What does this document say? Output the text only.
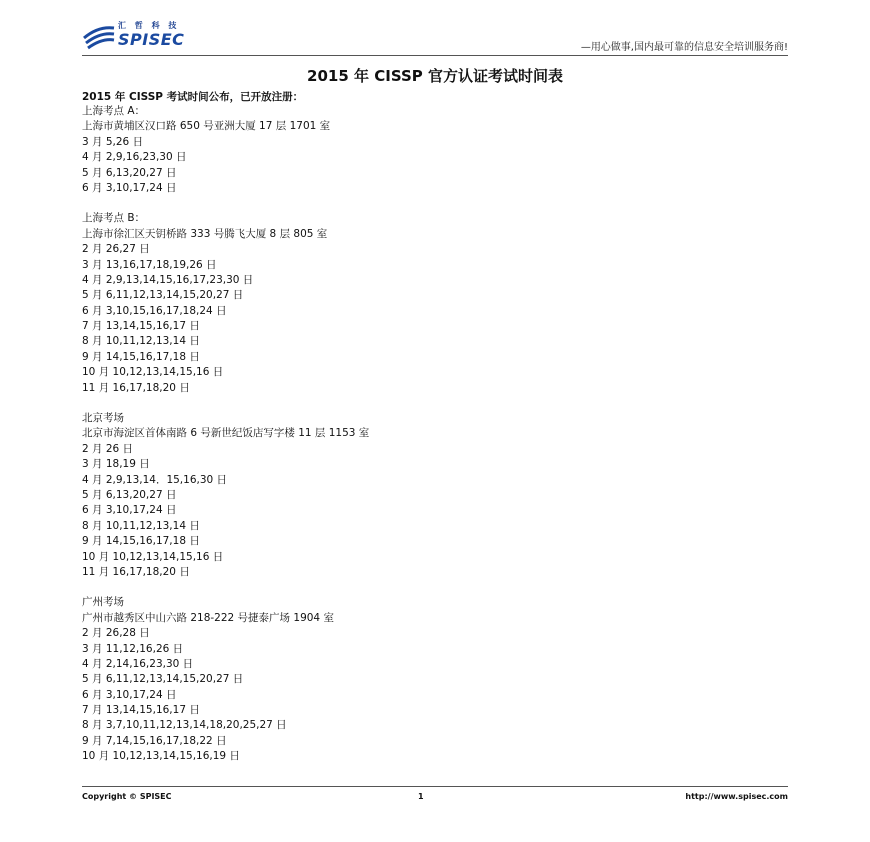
汇 哲 科 技
SPISEC	—用心做事,国内最可靠的信息安全培训服务商!
2015 年 CISSP 官方认证考试时间表
2015 年 CISSP 考试时间公布，已开放注册：
上海考点 A：
上海市黄埔区汉口路 650 号亚洲大厦 17 层 1701 室
3 月 5,26 日
4 月 2,9,16,23,30 日
5 月 6,13,20,27 日
6 月 3,10,17,24 日
上海考点 B：
上海市徐汇区天钥桥路 333 号腾飞大厦 8 层 805 室
2 月 26,27 日
3 月 13,16,17,18,19,26 日
4 月 2,9,13,14,15,16,17,23,30 日
5 月 6,11,12,13,14,15,20,27 日
6 月 3,10,15,16,17,18,24 日
7 月 13,14,15,16,17 日
8 月 10,11,12,13,14 日
9 月 14,15,16,17,18 日
10 月 10,12,13,14,15,16 日
11 月 16,17,18,20 日
北京考场
北京市海淀区首体南路 6 号新世纪饭店写字楼 11 层 1153 室
2 月 26 日
3 月 18,19 日
4 月 2,9,13,14．15,16,30 日
5 月 6,13,20,27 日
6 月 3,10,17,24 日
8 月 10,11,12,13,14 日
9 月 14,15,16,17,18 日
10 月 10,12,13,14,15,16 日
11 月 16,17,18,20 日
广州考场
广州市越秀区中山六路 218-222 号捷泰广场 1904 室
2 月 26,28 日
3 月 11,12,16,26 日
4 月 2,14,16,23,30 日
5 月 6,11,12,13,14,15,20,27 日
6 月 3,10,17,24 日
7 月 13,14,15,16,17 日
8 月 3,7,10,11,12,13,14,18,20,25,27 日
9 月 7,14,15,16,17,18,22 日
10 月 10,12,13,14,15,16,19 日
Copyright © SPISEC	1	http://www.spisec.com
